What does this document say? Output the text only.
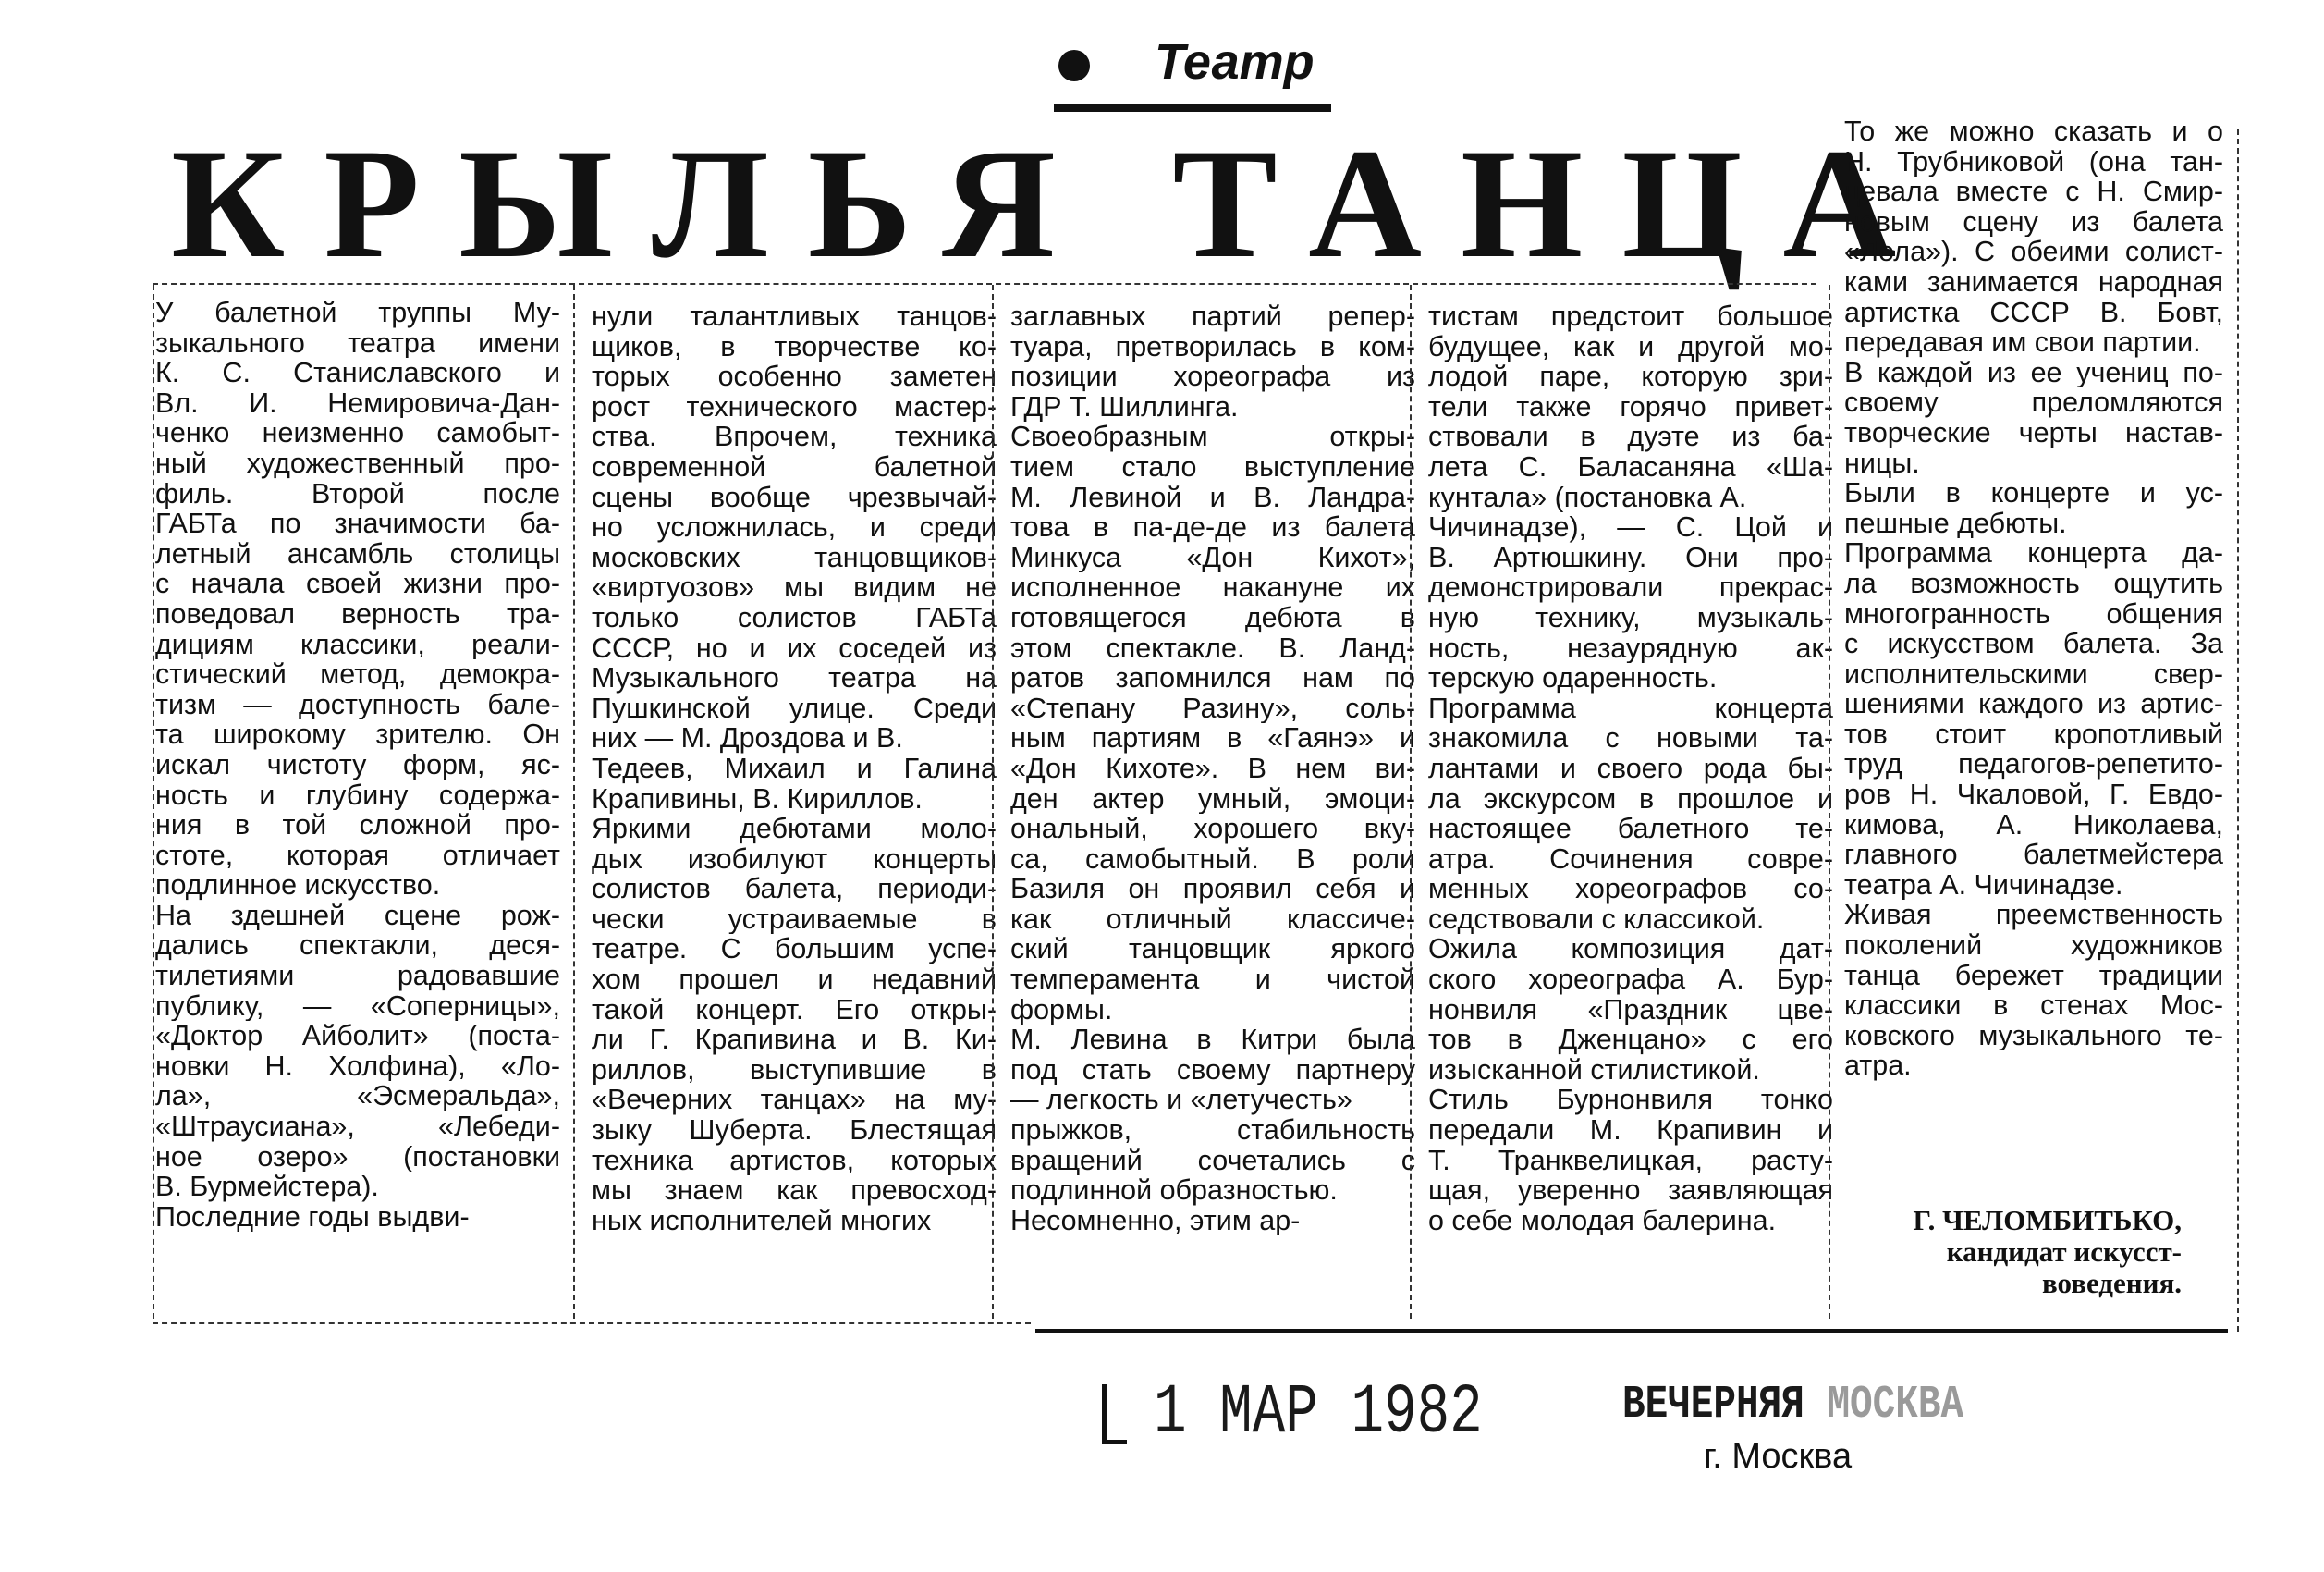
Театр
КРЫЛЬЯ ТАНЦА

У балетной труппы Му-

зыкального театра имени

К. С. Станиславского и

Вл. И. Немировича-Дан-

ченко неизменно самобыт-

ный художественный про-

филь. Второй после

ГАБТа по значимости ба-

летный ансамбль столицы

с начала своей жизни про-

поведовал верность тра-

дициям классики, реали-

стический метод, демокра-

тизм — доступность бале-

та широкому зрителю. Он

искал чистоту форм, яс-

ность и глубину содержа-

ния в той сложной про-

стоте, которая отличает

подлинное искусство.

На здешней сцене рож-

дались спектакли, деся-

тилетиями радовавшие

публику, — «Соперницы»,

«Доктор Айболит» (поста-

новки Н. Холфина), «Ло-

ла», «Эсмеральда»,

«Штраусиана», «Лебеди-

ное озеро» (постановки

В. Бурмейстера).

Последние годы выдви-

нули талантливых танцов-

щиков, в творчестве ко-

торых особенно заметен

рост технического мастер-

ства. Впрочем, техника

современной балетной

сцены вообще чрезвычай-

но усложнилась, и среди

московских танцовщиков-

«виртуозов» мы видим не

только солистов ГАБТа

СССР, но и их соседей из

Музыкального театра на

Пушкинской улице. Среди

них — М. Дроздова и В.

Тедеев, Михаил и Галина

Крапивины, В. Кириллов.

Яркими дебютами моло-

дых изобилуют концерты

солистов балета, периоди-

чески устраиваемые в

театре. С большим успе-

хом прошел и недавний

такой концерт. Его откры-

ли Г. Крапивина и В. Ки-

риллов, выступившие в

«Вечерних танцах» на му-

зыку Шуберта. Блестящая

техника артистов, которых

мы знаем как превосход-

ных исполнителей многих

заглавных партий репер-

туара, претворилась в ком-

позиции хореографа из

ГДР Т. Шиллинга.

Своеобразным откры-

тием стало выступление

М. Левиной и В. Ландра-

това в па-де-де из балета

Минкуса «Дон Кихот»,

исполненное накануне их

готовящегося дебюта в

этом спектакле. В. Ланд-

ратов запомнился нам по

«Степану Разину», соль-

ным партиям в «Гаянэ» и

«Дон Кихоте». В нем ви-

ден актер умный, эмоци-

ональный, хорошего вку-

са, самобытный. В роли

Базиля он проявил себя и

как отличный классиче-

ский танцовщик яркого

темперамента и чистой

формы.

М. Левина в Китри была

под стать своему партнеру

— легкость и «летучесть»

прыжков, стабильность

вращений сочетались с

подлинной образностью.

Несомненно, этим ар-

тистам предстоит большое

будущее, как и другой мо-

лодой паре, которую зри-

тели также горячо привет-

ствовали в дуэте из ба-

лета С. Баласаняна «Ша-

кунтала» (постановка А.

Чичинадзе), — С. Цой и

В. Артюшкину. Они про-

демонстрировали прекрас-

ную технику, музыкаль-

ность, незаурядную ак-

терскую одаренность.

Программа концерта

знакомила с новыми та-

лантами и своего рода бы-

ла экскурсом в прошлое и

настоящее балетного те-

атра. Сочинения совре-

менных хореографов со-

седствовали с классикой.

Ожила композиция дат-

ского хореографа А. Бур-

нонвиля «Праздник цве-

тов в Дженцано» с его

изысканной стилистикой.

Стиль Бурнонвиля тонко

передали М. Крапивин и

Т. Транквелицкая, расту-

щая, уверенно заявляющая

о себе молодая балерина.

То же можно сказать и о

Н. Трубниковой (она тан-

цевала вместе с Н. Смир-

новым сцену из балета

«Лола»). С обеими солист-

ками занимается народная

артистка СССР В. Бовт,

передавая им свои партии.

В каждой из ее учениц по-

своему преломляются

творческие черты настав-

ницы.

Были в концерте и ус-

пешные дебюты.

Программа концерта да-

ла возможность ощутить

многогранность общения

с искусством балета. За

исполнительскими свер-

шениями каждого из артис-

тов стоит кропотливый

труд педагогов-репетито-

ров Н. Чкаловой, Г. Евдо-

кимова, А. Николаева,

главного балетмейстера

театра А. Чичинадзе.

Живая преемственность

поколений художников

танца бережет традиции

классики в стенах Мос-

ковского музыкального те-

атра.

Г. ЧЕЛОМБИТЬКО,
кандидат искусст-
воведения.
1 МАР 1982	ВЕЧЕРНЯЯ МОСКВА
г. Москва
